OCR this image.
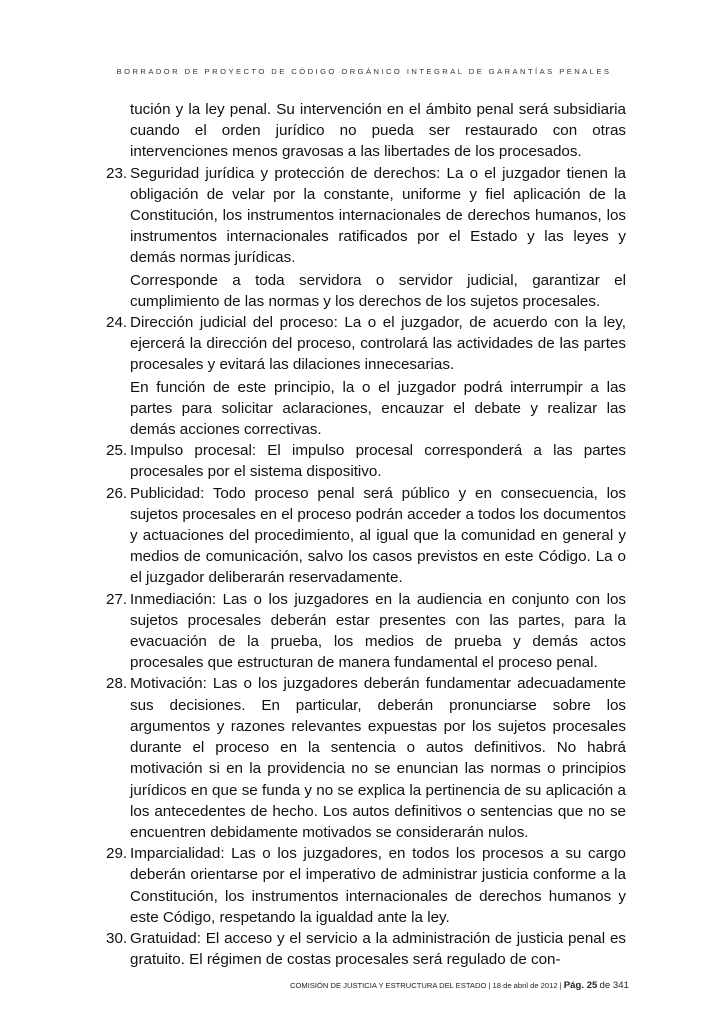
BORRADOR DE PROYECTO DE CÓDIGO ORGÁNICO INTEGRAL DE GARANTÍAS PENALES

tución y la ley penal. Su intervención en el ámbito penal será subsidiaria cuando el orden jurídico no pueda ser restaurado con otras intervenciones menos gravosas a las libertades de los procesados.

23. Seguridad jurídica y protección de derechos: La o el juzgador tienen la obligación de velar por la constante, uniforme y fiel aplicación de la Constitución, los instrumentos internacionales de derechos humanos, los instrumentos internacionales ratificados por el Estado y las leyes y demás normas jurídicas.

Corresponde a toda servidora o servidor judicial, garantizar el cumplimiento de las normas y los derechos de los sujetos procesales.

24. Dirección judicial del proceso: La o el juzgador, de acuerdo con la ley, ejercerá la dirección del proceso, controlará las actividades de las partes procesales y evitará las dilaciones innecesarias.

En función de este principio, la o el juzgador podrá interrumpir a las partes para solicitar aclaraciones, encauzar el debate y realizar las demás acciones correctivas.

25. Impulso procesal: El impulso procesal corresponderá a las partes procesales por el sistema dispositivo.

26. Publicidad: Todo proceso penal será público y en consecuencia, los sujetos procesales en el proceso podrán acceder a todos los documentos y actuaciones del procedimiento, al igual que la comunidad en general y medios de comunicación, salvo los casos previstos en este Código. La o el juzgador deliberarán reservadamente.

27. Inmediación: Las o los juzgadores en la audiencia en conjunto con los sujetos procesales deberán estar presentes con las partes, para la evacuación de la prueba, los medios de prueba y demás actos procesales que estructuran de manera fundamental el proceso penal.

28. Motivación: Las o los juzgadores deberán fundamentar adecuadamente sus decisiones. En particular, deberán pronunciarse sobre los argumentos y razones relevantes expuestas por los sujetos procesales durante el proceso en la sentencia o autos definitivos. No habrá motivación si en la providencia no se enuncian las normas o principios jurídicos en que se funda y no se explica la pertinencia de su aplicación a los antecedentes de hecho. Los autos definitivos o sentencias que no se encuentren debidamente motivados se considerarán nulos.

29. Imparcialidad: Las o los juzgadores, en todos los procesos a su cargo deberán orientarse por el imperativo de administrar justicia conforme a la Constitución, los instrumentos internacionales de derechos humanos y este Código, respetando la igualdad ante la ley.

30. Gratuidad: El acceso y el servicio a la administración de justicia penal es gratuito. El régimen de costas procesales será regulado de con-

COMISIÓN DE JUSTICIA Y ESTRUCTURA DEL ESTADO | 18 de abril de 2012 | Pág. 25 de 341
